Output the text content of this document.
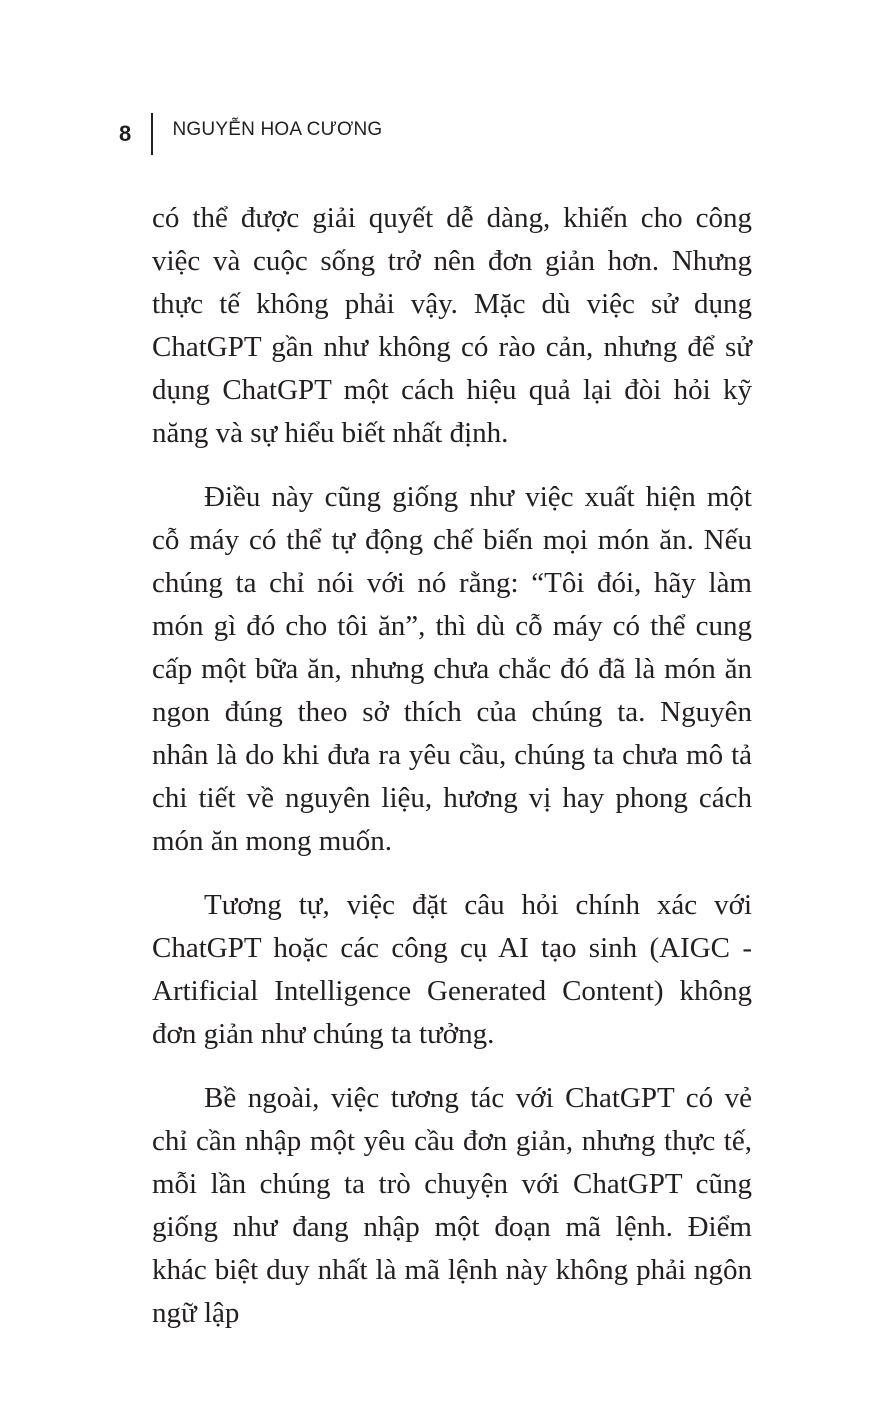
8	NGUYỄN HOA CƯƠNG

có thể được giải quyết dễ dàng, khiến cho công việc và cuộc sống trở nên đơn giản hơn. Nhưng thực tế không phải vậy. Mặc dù việc sử dụng ChatGPT gần như không có rào cản, nhưng để sử dụng ChatGPT một cách hiệu quả lại đòi hỏi kỹ năng và sự hiểu biết nhất định.

Điều này cũng giống như việc xuất hiện một cỗ máy có thể tự động chế biến mọi món ăn. Nếu chúng ta chỉ nói với nó rằng: “Tôi đói, hãy làm món gì đó cho tôi ăn”, thì dù cỗ máy có thể cung cấp một bữa ăn, nhưng chưa chắc đó đã là món ăn ngon đúng theo sở thích của chúng ta. Nguyên nhân là do khi đưa ra yêu cầu, chúng ta chưa mô tả chi tiết về nguyên liệu, hương vị hay phong cách món ăn mong muốn.

Tương tự, việc đặt câu hỏi chính xác với ChatGPT hoặc các công cụ AI tạo sinh (AIGC - Artificial Intelligence Generated Content) không đơn giản như chúng ta tưởng.

Bề ngoài, việc tương tác với ChatGPT có vẻ chỉ cần nhập một yêu cầu đơn giản, nhưng thực tế, mỗi lần chúng ta trò chuyện với ChatGPT cũng giống như đang nhập một đoạn mã lệnh. Điểm khác biệt duy nhất là mã lệnh này không phải ngôn ngữ lập
